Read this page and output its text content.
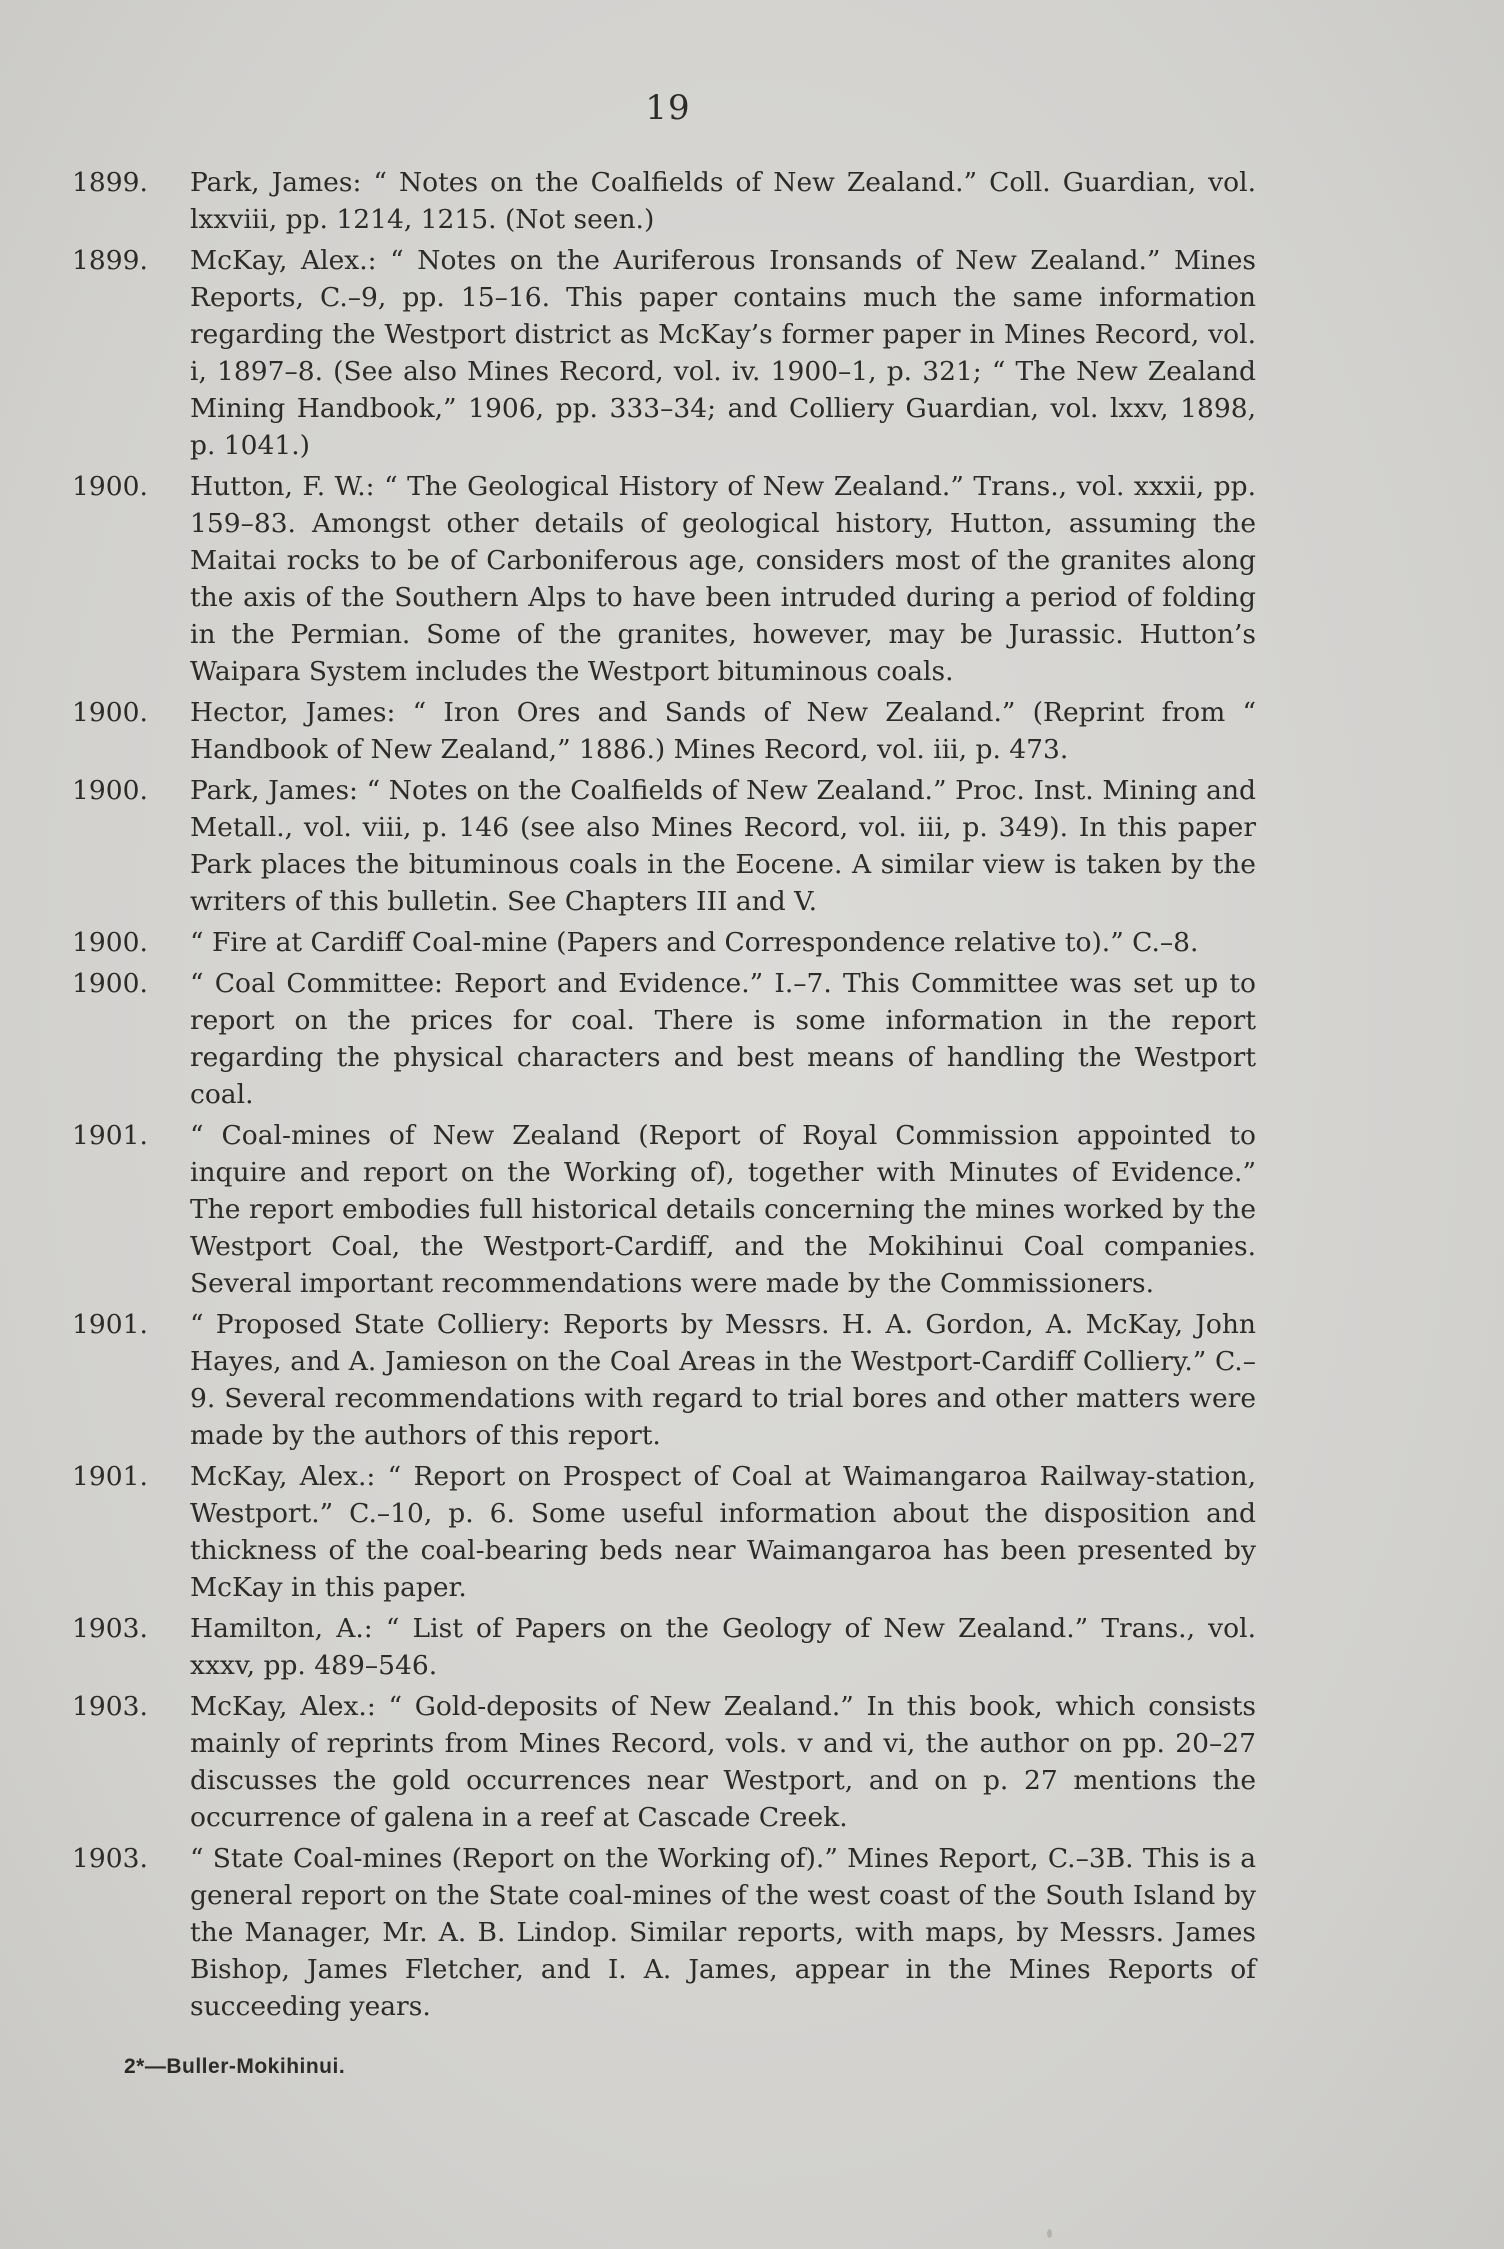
19
1899. Park, James: “ Notes on the Coalfields of New Zealand.” Coll. Guardian, vol. lxxviii, pp. 1214, 1215. (Not seen.)
1899. McKay, Alex.: “ Notes on the Auriferous Ironsands of New Zealand.” Mines Reports, C.–9, pp. 15–16. This paper contains much the same information regarding the Westport district as McKay’s former paper in Mines Record, vol. i, 1897–8. (See also Mines Record, vol. iv. 1900–1, p. 321; “ The New Zealand Mining Handbook,” 1906, pp. 333–34; and Colliery Guardian, vol. lxxv, 1898, p. 1041.)
1900. Hutton, F. W.: “ The Geological History of New Zealand.” Trans., vol. xxxii, pp. 159–83. Amongst other details of geological history, Hutton, assuming the Maitai rocks to be of Carboniferous age, considers most of the granites along the axis of the Southern Alps to have been intruded during a period of folding in the Permian. Some of the granites, however, may be Jurassic. Hutton’s Waipara System includes the Westport bituminous coals.
1900. Hector, James: “ Iron Ores and Sands of New Zealand.” (Reprint from “ Handbook of New Zealand,” 1886.) Mines Record, vol. iii, p. 473.
1900. Park, James: “ Notes on the Coalfields of New Zealand.” Proc. Inst. Mining and Metall., vol. viii, p. 146 (see also Mines Record, vol. iii, p. 349). In this paper Park places the bituminous coals in the Eocene. A similar view is taken by the writers of this bulletin. See Chapters III and V.
1900. “ Fire at Cardiff Coal-mine (Papers and Correspondence relative to).” C.–8.
1900. “ Coal Committee: Report and Evidence.” I.–7. This Committee was set up to report on the prices for coal. There is some information in the report regarding the physical characters and best means of handling the Westport coal.
1901. “ Coal-mines of New Zealand (Report of Royal Commission appointed to inquire and report on the Working of), together with Minutes of Evidence.” The report embodies full historical details concerning the mines worked by the Westport Coal, the Westport-Cardiff, and the Mokihinui Coal companies. Several important recommendations were made by the Commissioners.
1901. “ Proposed State Colliery: Reports by Messrs. H. A. Gordon, A. McKay, John Hayes, and A. Jamieson on the Coal Areas in the Westport-Cardiff Colliery.” C.–9. Several recommendations with regard to trial bores and other matters were made by the authors of this report.
1901. McKay, Alex.: “ Report on Prospect of Coal at Waimangaroa Railway-station, Westport.” C.–10, p. 6. Some useful information about the disposition and thickness of the coal-bearing beds near Waimangaroa has been presented by McKay in this paper.
1903. Hamilton, A.: “ List of Papers on the Geology of New Zealand.” Trans., vol. xxxv, pp. 489–546.
1903. McKay, Alex.: “ Gold-deposits of New Zealand.” In this book, which consists mainly of reprints from Mines Record, vols. v and vi, the author on pp. 20–27 discusses the gold occurrences near Westport, and on p. 27 mentions the occurrence of galena in a reef at Cascade Creek.
1903. “ State Coal-mines (Report on the Working of).” Mines Report, C.–3B. This is a general report on the State coal-mines of the west coast of the South Island by the Manager, Mr. A. B. Lindop. Similar reports, with maps, by Messrs. James Bishop, James Fletcher, and I. A. James, appear in the Mines Reports of succeeding years.
2*—Buller-Mokihinui.
